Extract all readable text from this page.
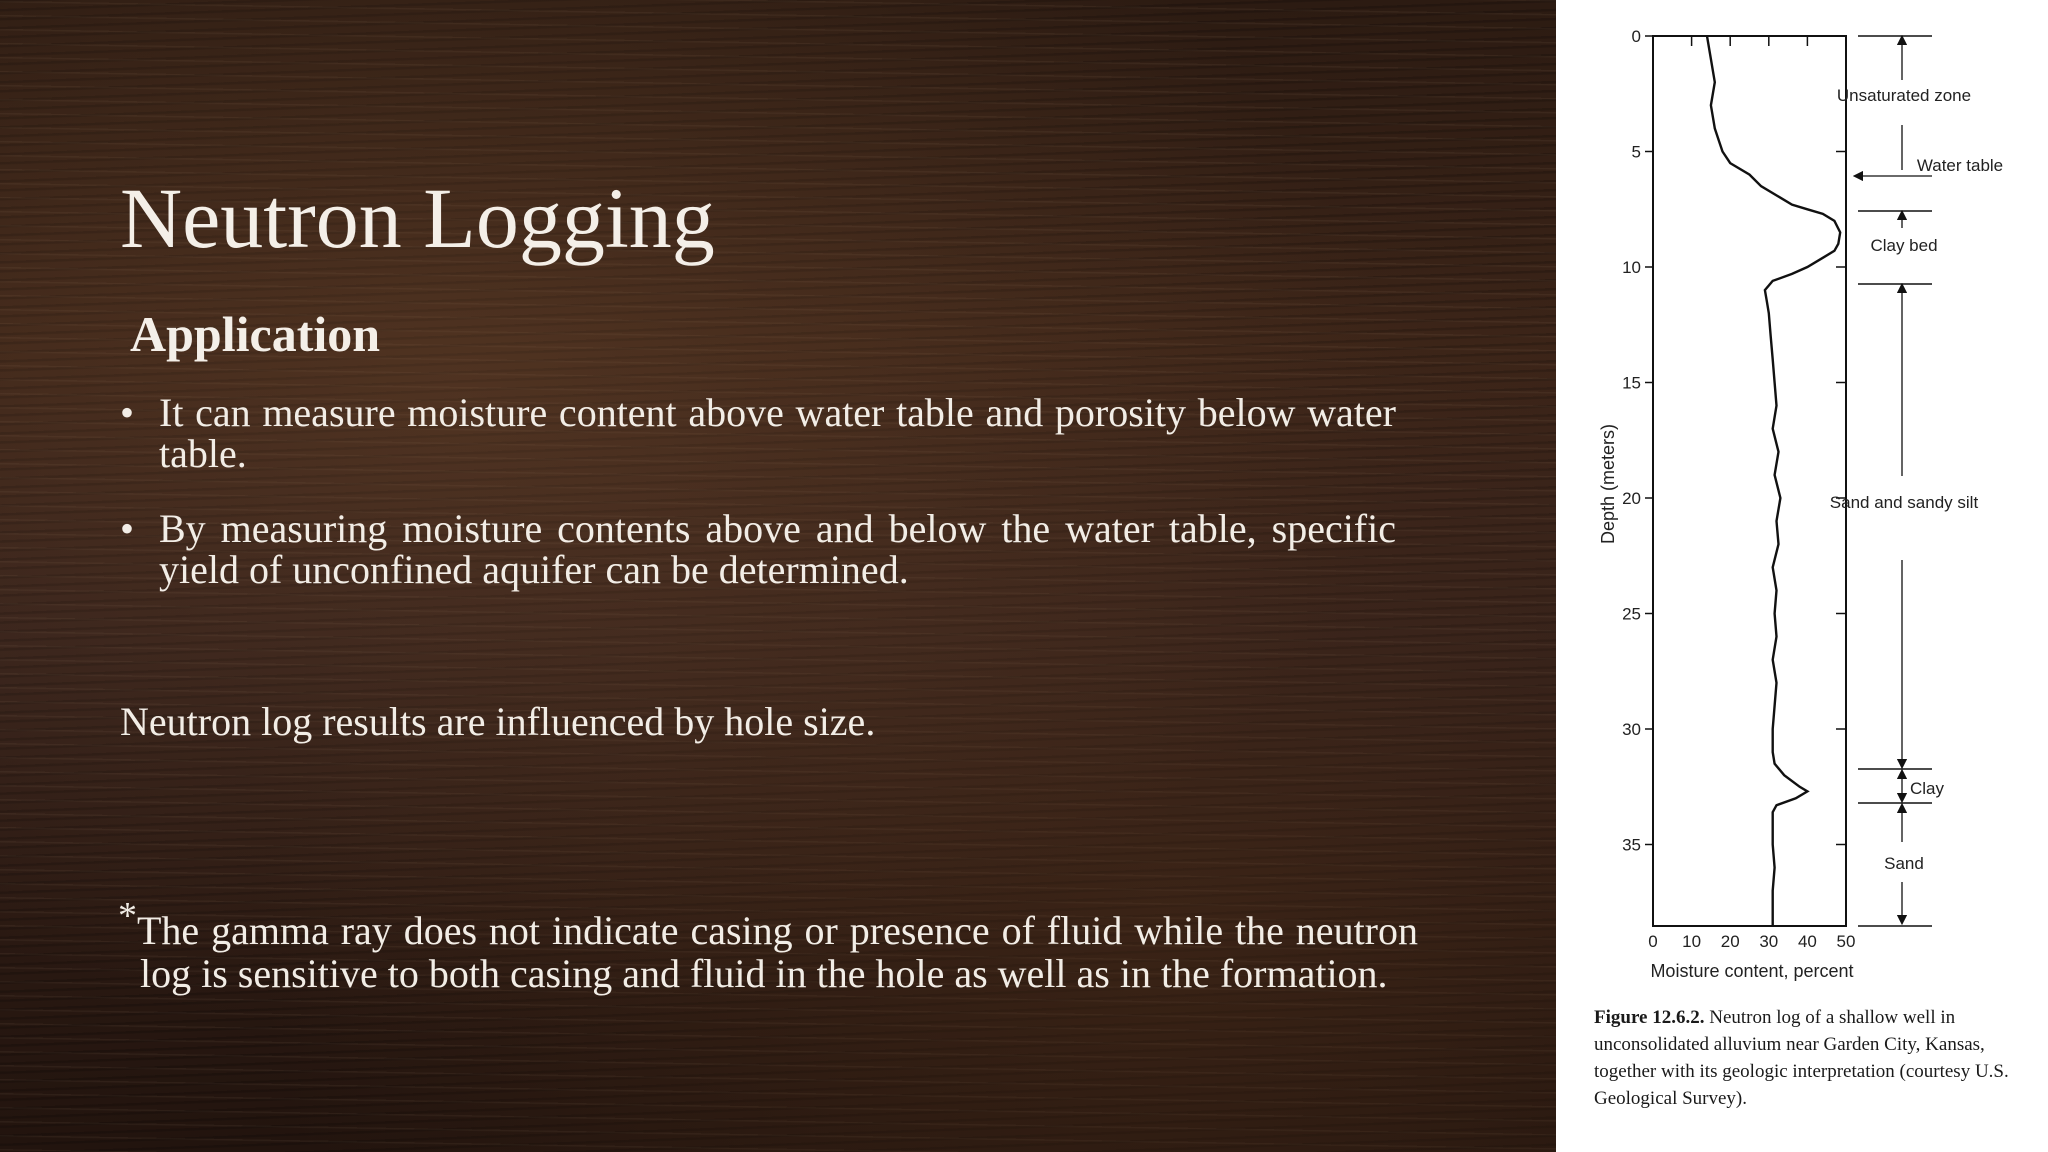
Neutron Logging
Application
• It can measure moisture content above water table and porosity below water table.
• By measuring moisture contents above and below the water table, specific yield of unconfined aquifer can be determined.

Neutron log results are influenced by hole size.

*The gamma ray does not indicate casing or presence of fluid while the neutron log is sensitive to both casing and fluid in the hole as well as in the formation.

0
5
10
15
20
25
30
35
0 10 20 30 40 50
Depth (meters)
Moisture content, percent
Unsaturated zone
Water table
Clay bed
Sand and sandy silt
Clay
Sand

Figure 12.6.2. Neutron log of a shallow well in unconsolidated alluvium near Garden City, Kansas, together with its geologic interpretation (courtesy U.S. Geological Survey).
